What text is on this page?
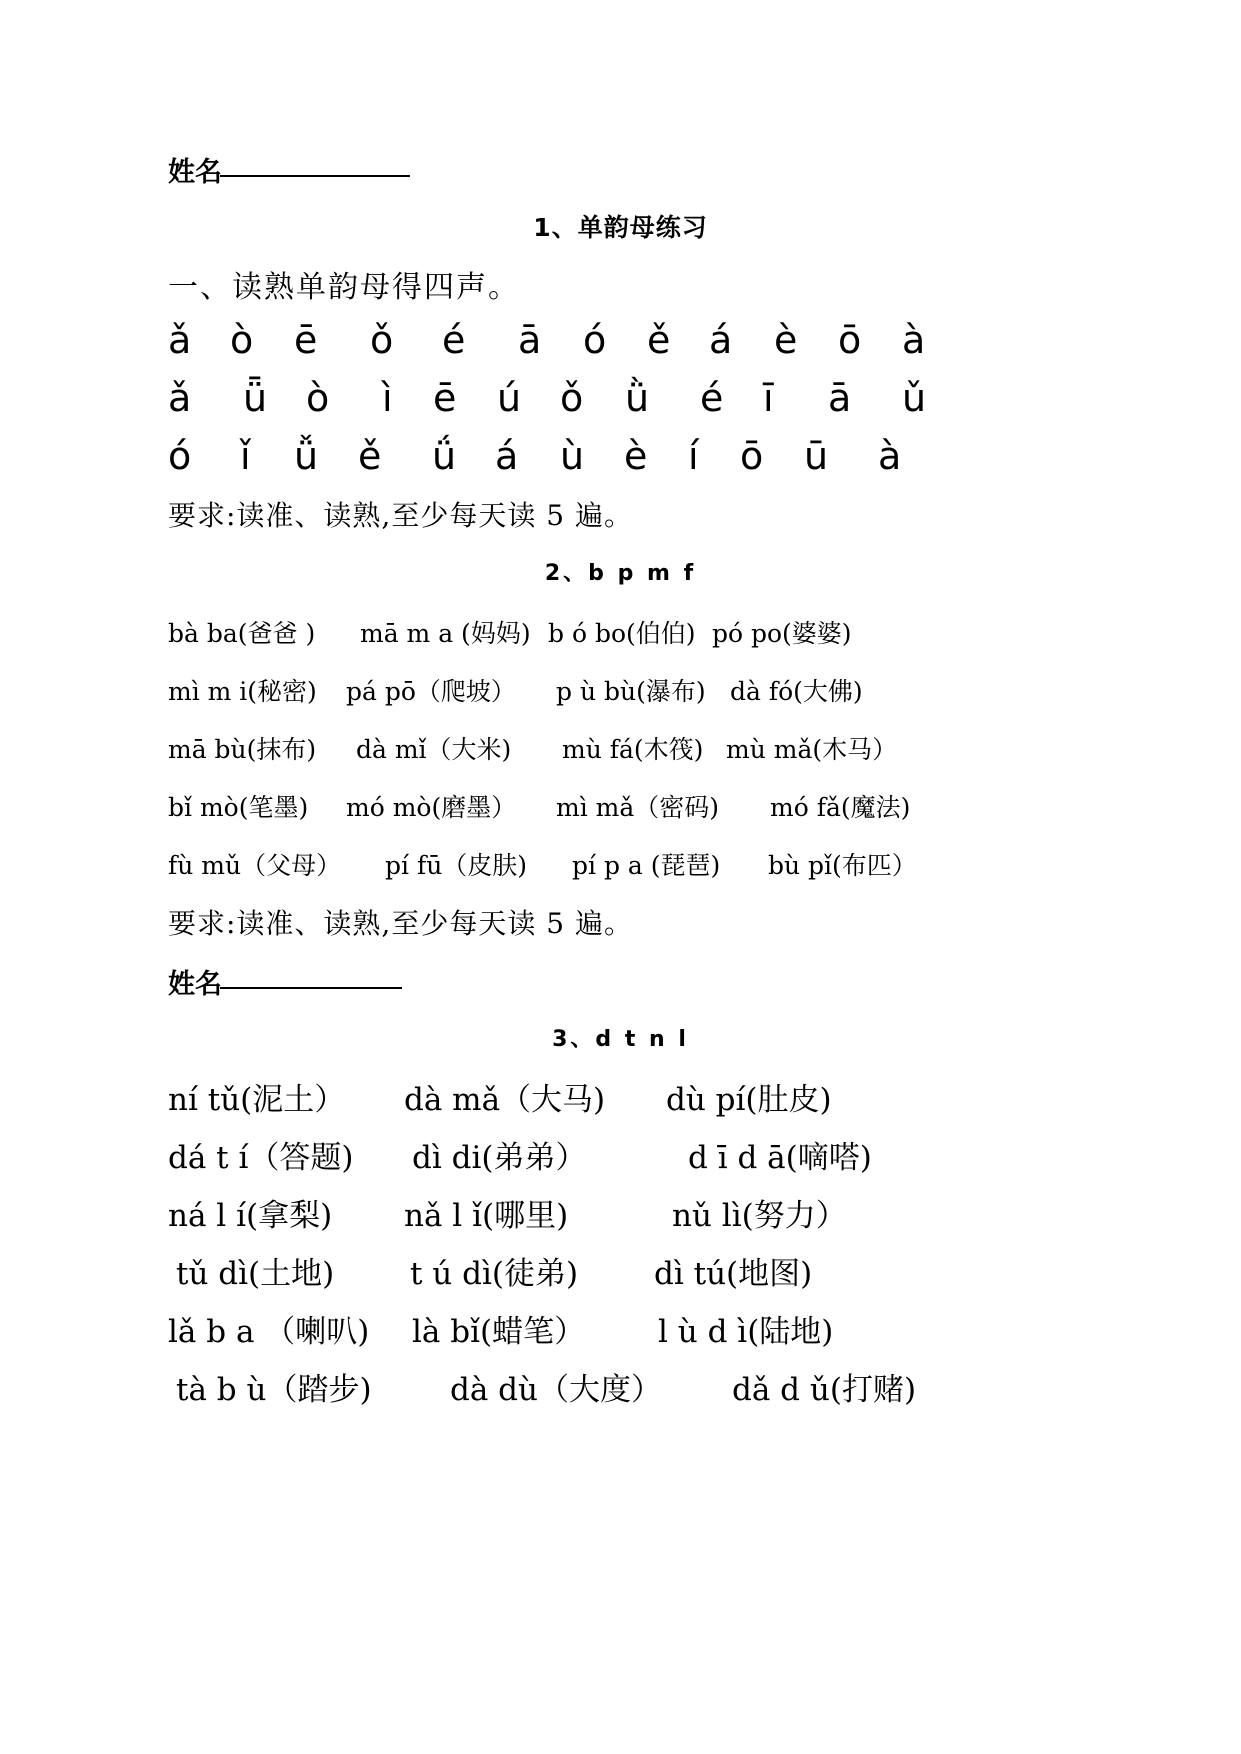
姓名
1、单韵母练习
一、读熟单韵母得四声。
ǎ ò ē ǒ é ā ó ě á è ō à
ǎ ǖ ò ì ē ú ǒ ǜ é ī ā ǔ
ó ǐ ǚ ě ǘ á ù è í ō ū à
要求:读准、读熟,至少每天读 5 遍。
2、b p m f
bà ba(爸爸 ) mā m a (妈妈) b ó bo(伯伯) pó po(婆婆)
mì m i(秘密) pá pō（爬坡） p ù bù(瀑布) dà fó(大佛)
mā bù(抹布) dà mǐ（大米) mù fá(木筏) mù mǎ(木马）
bǐ mò(笔墨) mó mò(磨墨） mì mǎ（密码) mó fǎ(魔法)
fù mǔ（父母） pí fū（皮肤) pí p a (琵琶) bù pǐ(布匹）
要求:读准、读熟,至少每天读 5 遍。
姓名
3、d t n l
ní tǔ(泥土） dà mǎ（大马) dù pí(肚皮)
dá t í（答题) dì di(弟弟）	d ī d ā(嘀嗒)
ná l í(拿梨) nǎ l ǐ(哪里)	nǔ lì(努力）
tǔ dì(土地) t ú dì(徒弟) dì tú(地图)
lǎ b a （喇叭) là bǐ(蜡笔） l ù d ì(陆地)
tà b ù（踏步)	dà dù（大度） dǎ d ǔ(打赌)
